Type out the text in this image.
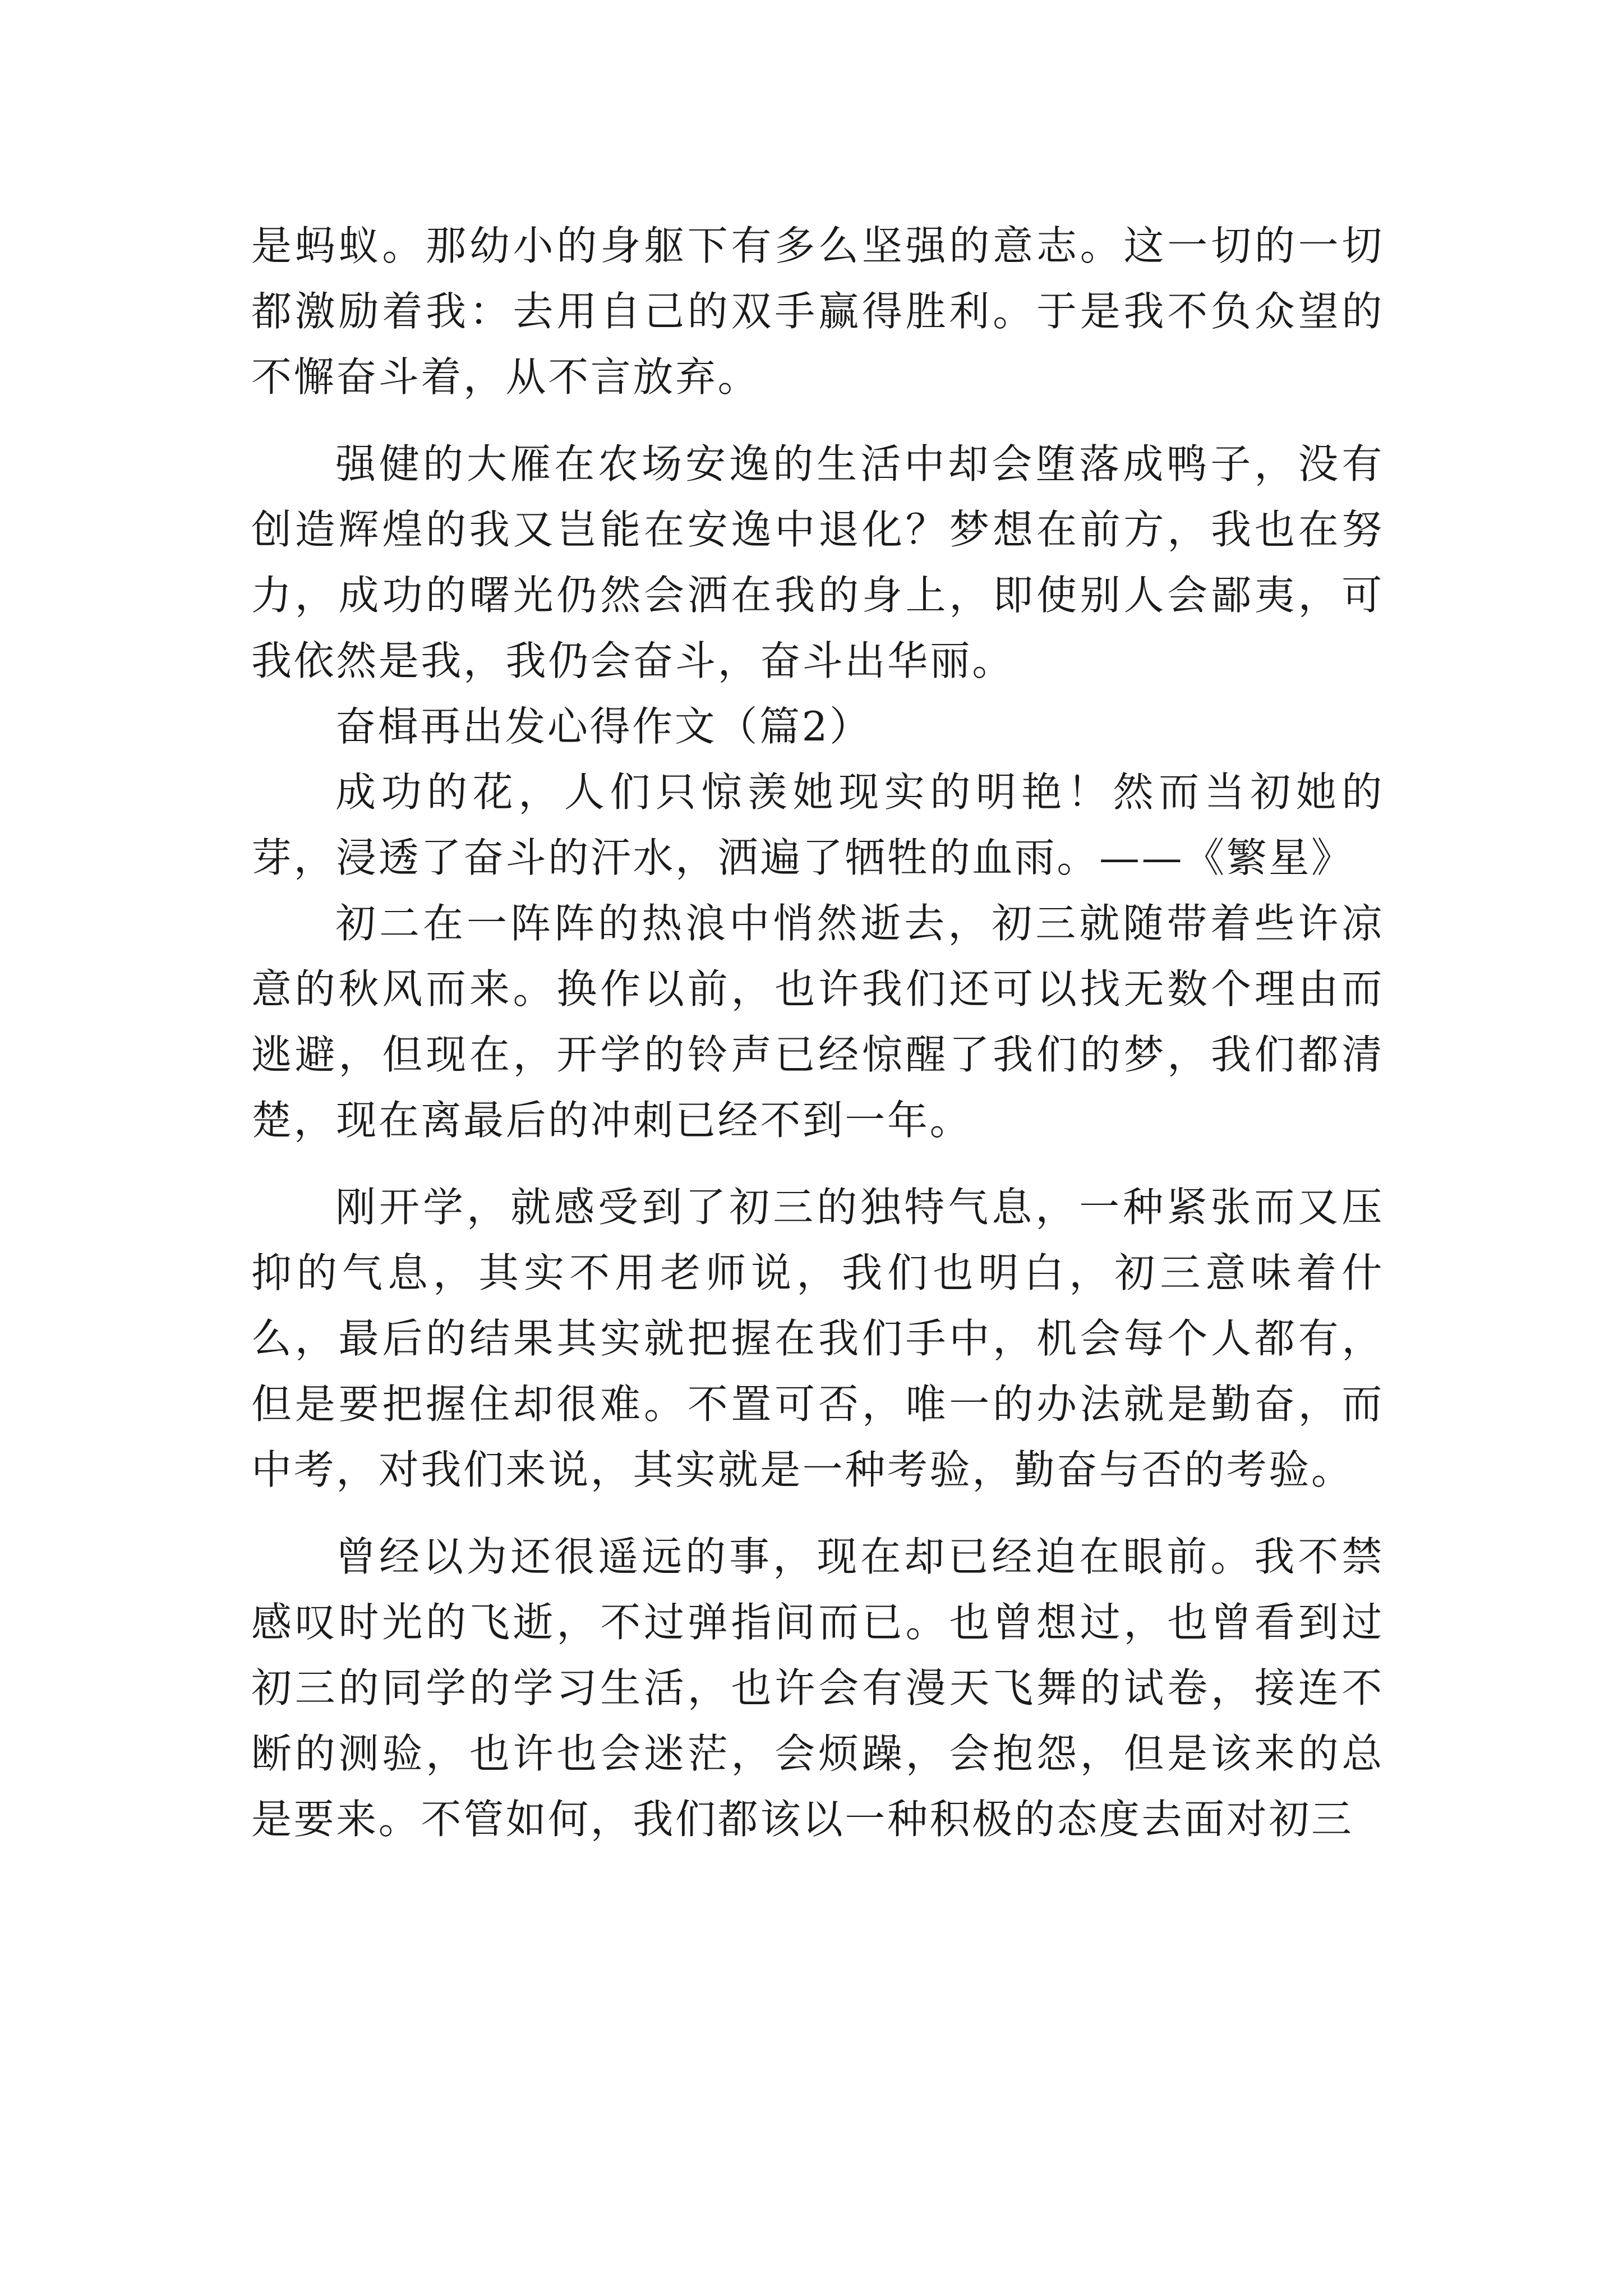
是蚂蚁。那幼小的身躯下有多么坚强的意志。这一切的一切都激励着我：去用自己的双手赢得胜利。于是我不负众望的不懈奋斗着，从不言放弃。

强健的大雁在农场安逸的生活中却会堕落成鸭子，没有创造辉煌的我又岂能在安逸中退化？梦想在前方，我也在努力，成功的曙光仍然会洒在我的身上，即使别人会鄙夷，可我依然是我，我仍会奋斗，奋斗出华丽。

奋楫再出发心得作文（篇2）

成功的花，人们只惊羡她现实的明艳！然而当初她的芽，浸透了奋斗的汗水，洒遍了牺牲的血雨。——《繁星》

初二在一阵阵的热浪中悄然逝去，初三就随带着些许凉意的秋风而来。换作以前，也许我们还可以找无数个理由而逃避，但现在，开学的铃声已经惊醒了我们的梦，我们都清楚，现在离最后的冲刺已经不到一年。

刚开学，就感受到了初三的独特气息，一种紧张而又压抑的气息，其实不用老师说，我们也明白，初三意味着什么，最后的结果其实就把握在我们手中，机会每个人都有，但是要把握住却很难。不置可否，唯一的办法就是勤奋，而中考，对我们来说，其实就是一种考验，勤奋与否的考验。

曾经以为还很遥远的事，现在却已经迫在眼前。我不禁感叹时光的飞逝，不过弹指间而已。也曾想过，也曾看到过初三的同学的学习生活，也许会有漫天飞舞的试卷，接连不断的测验，也许也会迷茫，会烦躁，会抱怨，但是该来的总是要来。不管如何，我们都该以一种积极的态度去面对初三
